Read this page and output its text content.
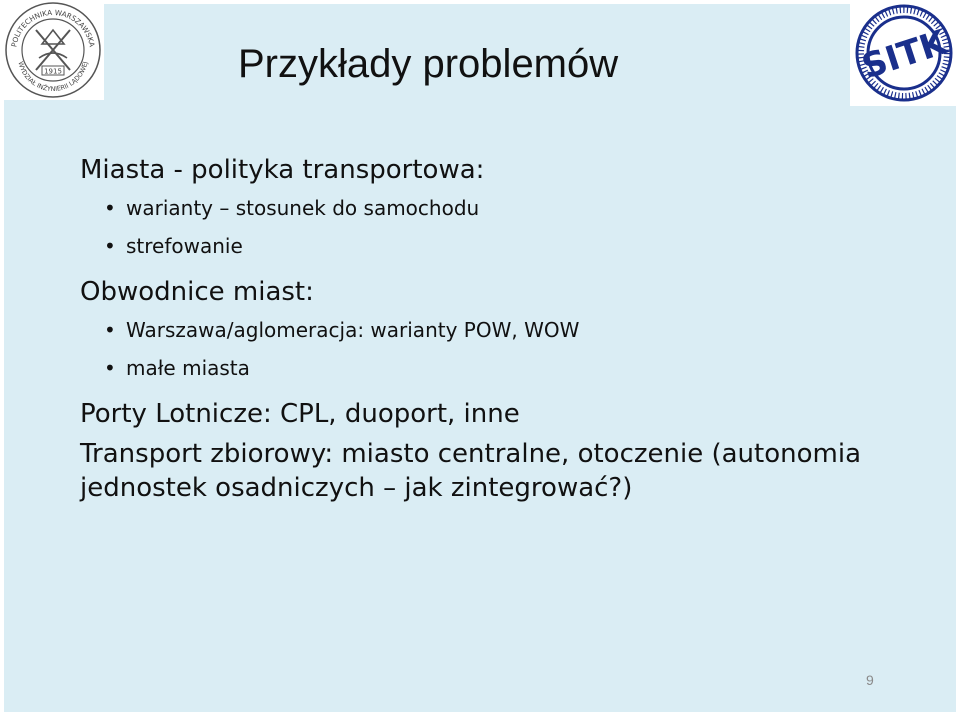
POLITECHNIKA WARSZAWSKA
WYDZIAŁ INŻYNIERII LĄDOWEJ
1915	SITK
Przykłady problemów
Miasta - polityka transportowa:
• warianty – stosunek do samochodu
• strefowanie
Obwodnice miast:
• Warszawa/aglomeracja: warianty POW, WOW
• małe miasta
Porty Lotnicze: CPL, duoport, inne
Transport zbiorowy: miasto centralne, otoczenie (autonomia jednostek osadniczych – jak zintegrować?)
9
